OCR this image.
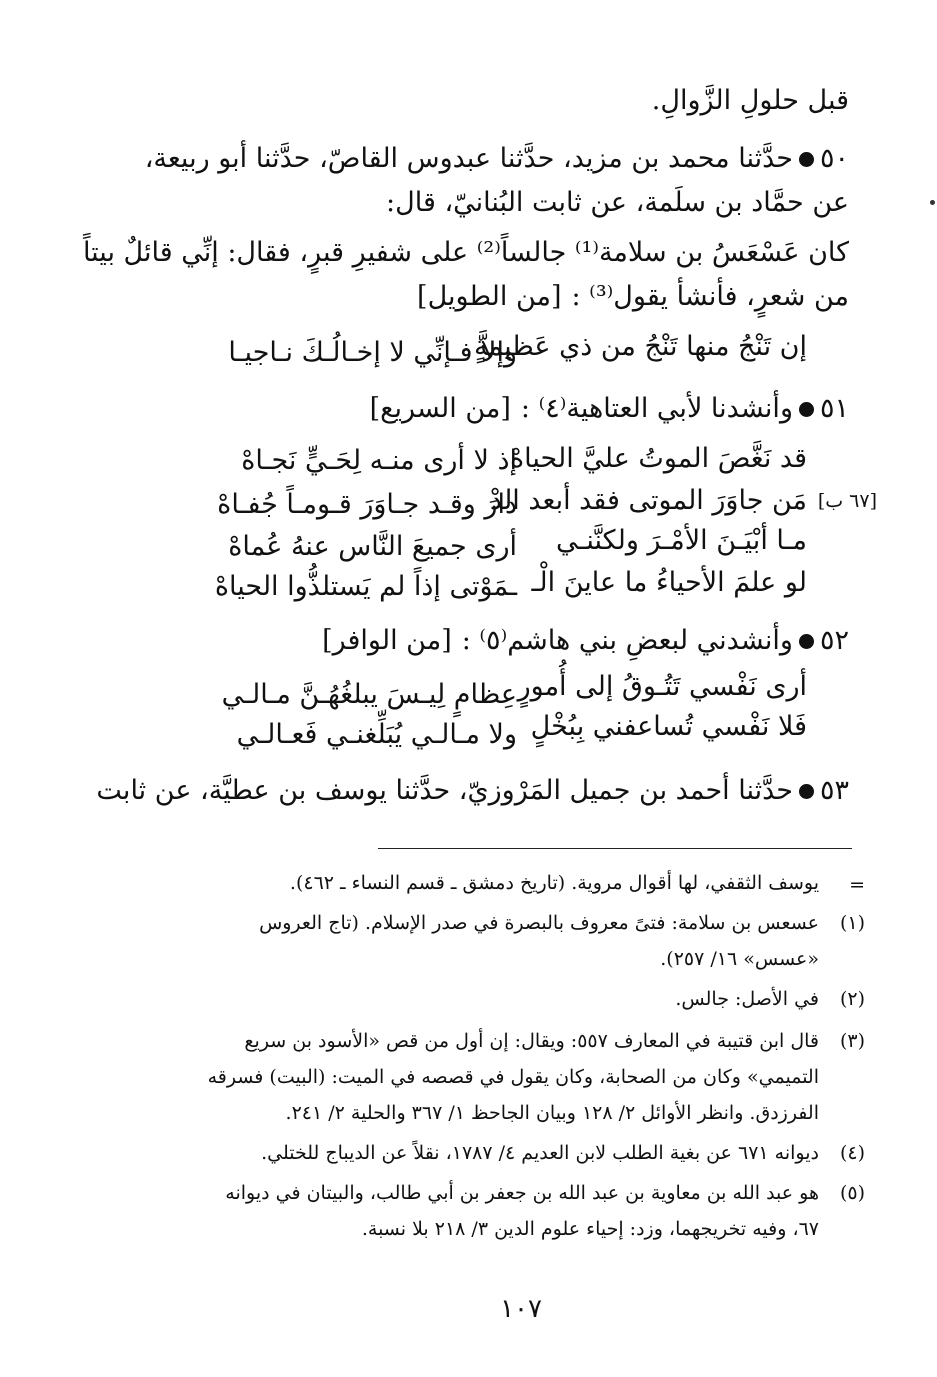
قبل حلولِ الزَّوالِ.
٥٠حدَّثنا محمد بن مزيد، حدَّثنا عبدوس القاصّ، حدَّثنا أبو ربيعة،
عن حمَّاد بن سلَمة، عن ثابت البُنانيّ، قال:
كان عَسْعَسُ بن سلامة⁽¹⁾ جالساً⁽²⁾ على شفيرِ قبرٍ، فقال: إنِّي قائلٌ بيتاً
من شعرٍ، فأنشأ يقول⁽³⁾ :[من الطويل]
إن تَنْجُ منها تَنْجُ من ذي عَظيمةٍ
وإلاَّ فـإنِّي لا إخـالُـكَ نـاجيـا
٥١وأنشدنا لأبي العتاهية⁽٤⁾ :[من السريع]
قد نَغَّصَ الموتُ عليَّ الحياهْ
إذ لا أرى منـه لِحَـيٍّ نَجـاهْ
[٦٧ ب]
مَن جاوَرَ الموتى فقد أبعد الدْ
دارَ وقـد جـاوَرَ قـومـاً جُفـاهْ
مـا أبْيَـنَ الأمْـرَ ولكنَّنـي
أرى جميعَ النَّاس عنهُ عُماهْ
لو علمَ الأحياءُ ما عاينَ الْـ
ـمَوْتى إذاً لم يَستلذُّوا الحياهْ
٥٢وأنشدني لبعضِ بني هاشم⁽٥⁾ :[من الوافر]
أرى نَفْسي تَتُـوقُ إلى أُمورٍ
عِظامٍ لِيـسَ يبلغُهُـنَّ مـالـي
فَلا نَفْسي تُساعفني بِبُخْلٍ
ولا مـالـي يُبَلِّغنـي فَعـالـي
٥٣حدَّثنا أحمد بن جميل المَرْوزيّ، حدَّثنا يوسف بن عطيَّة، عن ثابت
=
يوسف الثقفي، لها أقوال مروية. (تاريخ دمشق ـ قسم النساء ـ ٤٦٢).
(١)
عسعس بن سلامة: فتىً معروف بالبصرة في صدر الإسلام. (تاج العروس
«عسس» ١٦/ ٢٥٧).
(٢)
في الأصل: جالس.
(٣)
قال ابن قتيبة في المعارف ٥٥٧: ويقال: إن أول من قص «الأسود بن سريع
التميمي» وكان من الصحابة، وكان يقول في قصصه في الميت: (البيت) فسرقه
الفرزدق. وانظر الأوائل ٢/ ١٢٨ وبيان الجاحظ ١/ ٣٦٧ والحلية ٢/ ٢٤١.
(٤)
ديوانه ٦٧١ عن بغية الطلب لابن العديم ٤/ ١٧٨٧، نقلاً عن الديباج للختلي.
(٥)
هو عبد الله بن معاوية بن عبد الله بن جعفر بن أبي طالب، والبيتان في ديوانه
٦٧، وفيه تخريجهما، وزد: إحياء علوم الدين ٣/ ٢١٨ بلا نسبة.
١٠٧
